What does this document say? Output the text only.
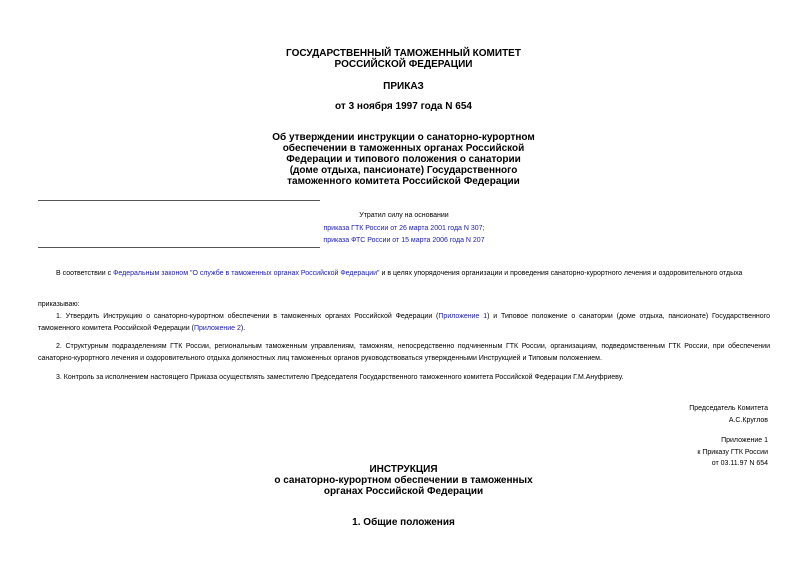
ГОСУДАРСТВЕННЫЙ ТАМОЖЕННЫЙ КОМИТЕТ
РОССИЙСКОЙ ФЕДЕРАЦИИ
ПРИКАЗ
от 3 ноября 1997 года N 654
Об утверждении инструкции о санаторно-курортном
обеспечении в таможенных органах Российской
Федерации и типового положения о санатории
(доме отдыха, пансионате) Государственного
таможенного комитета Российской Федерации
Утратил силу на основании
приказа ГТК России от 26 марта 2001 года N 307;
приказа ФТС России от 15 марта 2006 года N 207
В соответствии с Федеральным законом "О службе в таможенных органах Российской Федерации" и в целях упорядочения организации и проведения санаторно-курортного лечения и оздоровительного отдыха
приказываю:
1. Утвердить Инструкцию о санаторно-курортном обеспечении в таможенных органах Российской Федерации (Приложение 1) и Типовое положение о санатории (доме отдыха, пансионате) Государственного таможенного комитета Российской Федерации (Приложение 2).
2. Структурным подразделениям ГТК России, региональным таможенным управлениям, таможням, непосредственно подчиненным ГТК России, организациям, подведомственным ГТК России, при обеспечении санаторно-курортного лечения и оздоровительного отдыха должностных лиц таможенных органов руководствоваться утвержденными Инструкцией и Типовым положением.
3. Контроль за исполнением настоящего Приказа осуществлять заместителю Председателя Государственного таможенного комитета Российской Федерации Г.М.Ануфриеву.
Председатель Комитета
А.С.Круглов
Приложение 1
к Приказу ГТК России
от 03.11.97 N 654
ИНСТРУКЦИЯ
о санаторно-курортном обеспечении в таможенных
органах Российской Федерации
1. Общие положения
